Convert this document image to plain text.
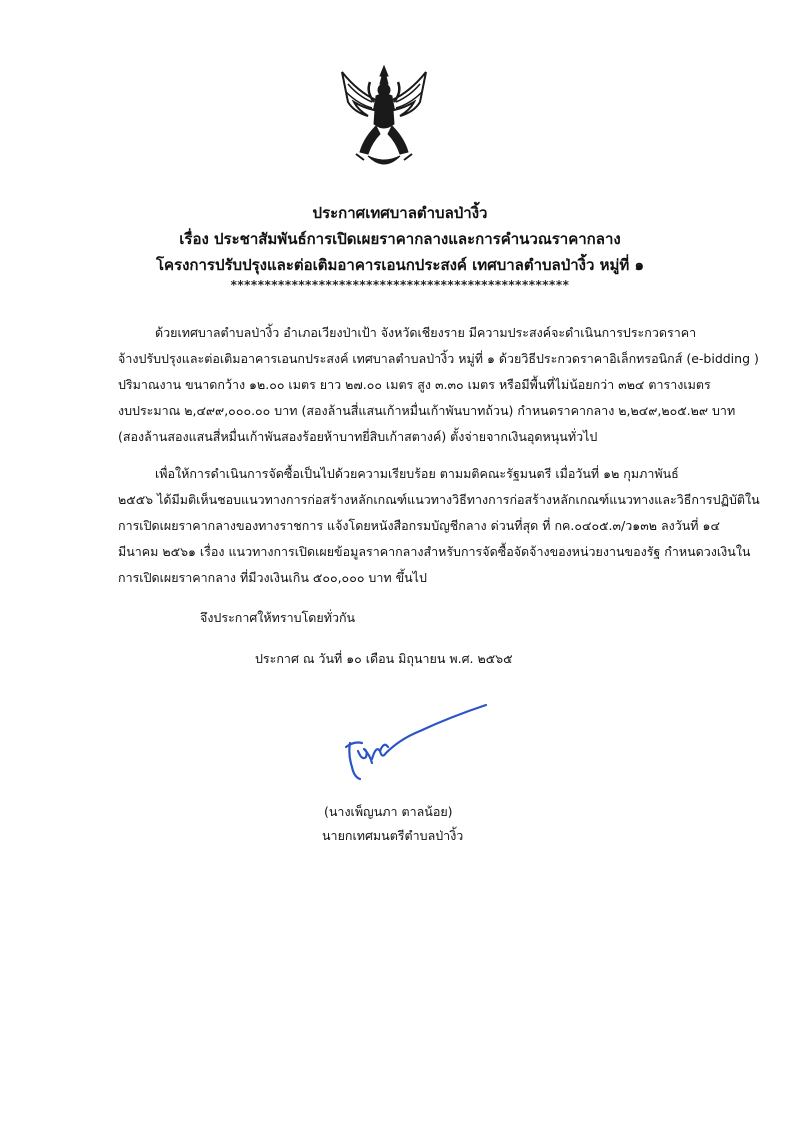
ประกาศเทศบาลตำบลป่างิ้ว
เรื่อง ประชาสัมพันธ์การเปิดเผยราคากลางและการคำนวณราคากลาง
โครงการปรับปรุงและต่อเติมอาคารเอนกประสงค์ เทศบาลตำบลป่างิ้ว หมู่ที่ ๑
**************************************************
ด้วยเทศบาลตำบลป่างิ้ว อำเภอเวียงป่าเป้า จังหวัดเชียงราย มีความประสงค์จะดำเนินการประกวดราคา
จ้างปรับปรุงและต่อเติมอาคารเอนกประสงค์ เทศบาลตำบลป่างิ้ว หมู่ที่ ๑ ด้วยวิธีประกวดราคาอิเล็กทรอนิกส์ (e-bidding )
ปริมาณงาน ขนาดกว้าง ๑๒.๐๐ เมตร ยาว ๒๗.๐๐ เมตร สูง ๓.๓๐ เมตร หรือมีพื้นที่ไม่น้อยกว่า ๓๒๔ ตารางเมตร
งบประมาณ ๒,๔๙๙,๐๐๐.๐๐ บาท (สองล้านสี่แสนเก้าหมื่นเก้าพันบาทถ้วน) กำหนดราคากลาง ๒,๒๔๙,๒๐๕.๒๙ บาท
(สองล้านสองแสนสี่หมื่นเก้าพันสองร้อยห้าบาทยี่สิบเก้าสตางค์) ตั้งจ่ายจากเงินอุดหนุนทั่วไป
เพื่อให้การดำเนินการจัดซื้อเป็นไปด้วยความเรียบร้อย ตามมติคณะรัฐมนตรี เมื่อวันที่ ๑๒ กุมภาพันธ์
๒๕๕๖ ได้มีมติเห็นชอบแนวทางการก่อสร้างหลักเกณฑ์แนวทางวิธีทางการก่อสร้างหลักเกณฑ์แนวทางและวิธีการปฏิบัติใน
การเปิดเผยราคากลางของทางราชการ แจ้งโดยหนังสือกรมบัญชีกลาง ด่วนที่สุด ที่ กค.๐๔๐๕.๓/ว๑๓๒ ลงวันที่ ๑๔
มีนาคม ๒๕๖๑ เรื่อง แนวทางการเปิดเผยข้อมูลราคากลางสำหรับการจัดซื้อจัดจ้างของหน่วยงานของรัฐ กำหนดวงเงินใน
การเปิดเผยราคากลาง ที่มีวงเงินเกิน ๕๐๐,๐๐๐ บาท ขึ้นไป
จึงประกาศให้ทราบโดยทั่วกัน
ประกาศ ณ วันที่ ๑๐ เดือน มิถุนายน พ.ศ. ๒๕๖๕
(นางเพ็ญนภา ตาลน้อย)
นายกเทศมนตรีตำบลป่างิ้ว
